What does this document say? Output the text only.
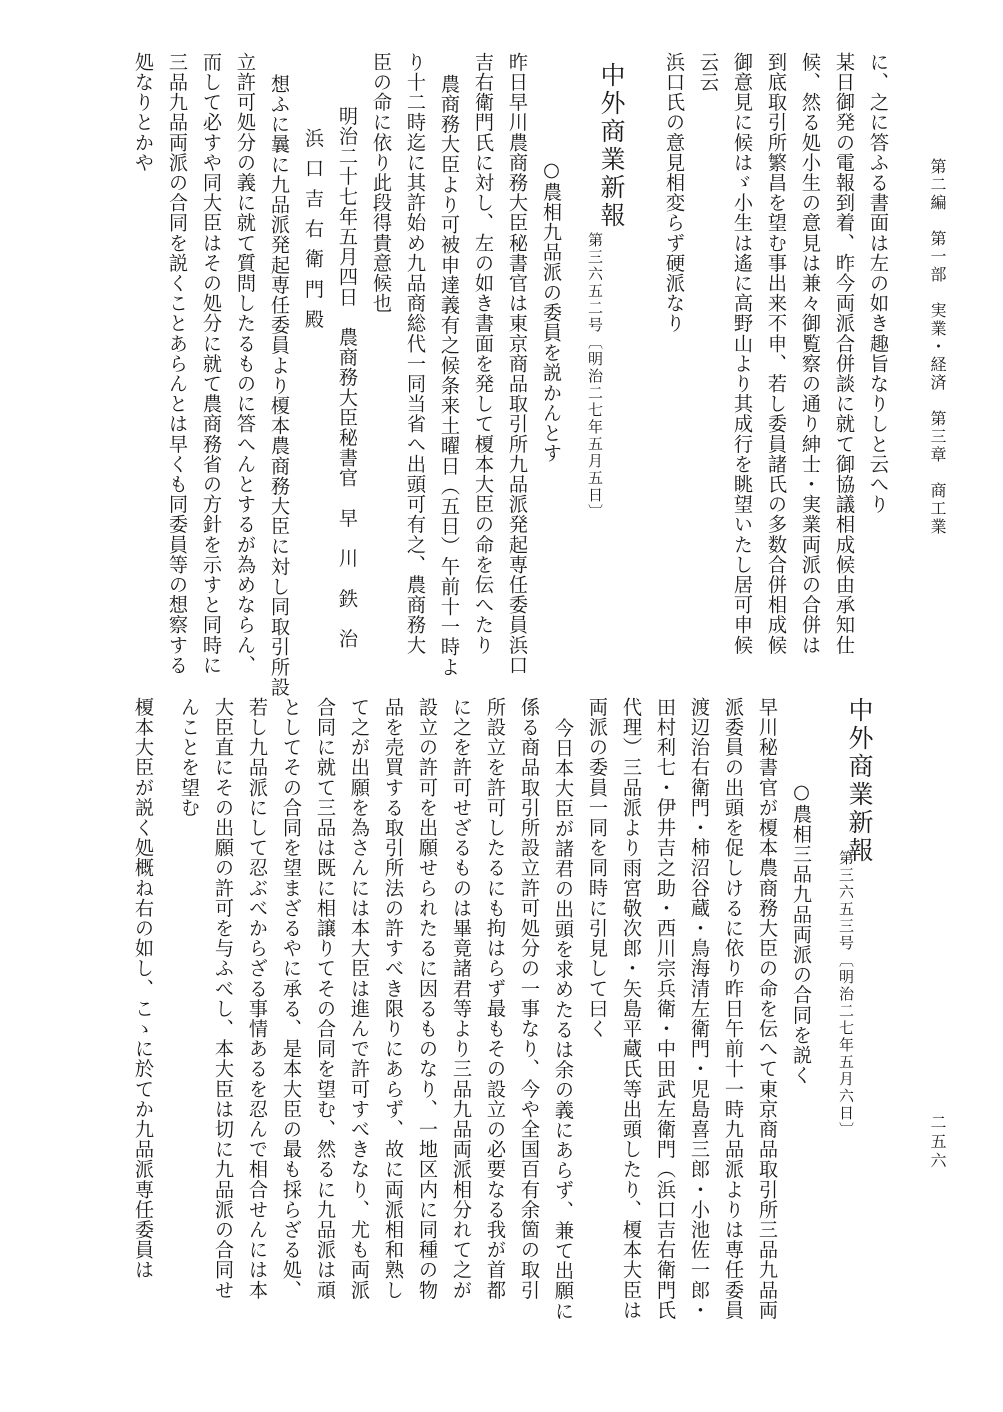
第二編　第一部　実業・経済　第三章　商工業
二五六
に、之に答ふる書面は左の如き趣旨なりしと云へり
某日御発の電報到着、昨今両派合併談に就て御協議相成候由承知仕
候、然る処小生の意見は兼々御覧察の通り紳士・実業両派の合併は
到底取引所繁昌を望む事出来不申、若し委員諸氏の多数合併相成候
御意見に候はゞ小生は遙に高野山より其成行を眺望いたし居可申候
云云
浜口氏の意見相変らず硬派なり
中外商業新報
第三六五二号〔明治二七年五月五日〕
○農相九品派の委員を説かんとす
昨日早川農商務大臣秘書官は東京商品取引所九品派発起専任委員浜口
吉右衛門氏に対し、左の如き書面を発して榎本大臣の命を伝へたり
農商務大臣より可被申達義有之候条来土曜日（五日）午前十一時よ
り十二時迄に其許始め九品商総代一同当省へ出頭可有之、農商務大
臣の命に依り此段得貴意候也
明治二十七年五月四日　農商務大臣秘書官　早　川　鉄　治
浜口吉右衛門殿
想ふに曩に九品派発起専任委員より榎本農商務大臣に対し同取引所設
立許可処分の義に就て質問したるものに答へんとするが為めならん、
而して必すや同大臣はその処分に就て農商務省の方針を示すと同時に
三品九品両派の合同を説くことあらんとは早くも同委員等の想察する
処なりとかや
中外商業新報
第三六五三号〔明治二七年五月六日〕
○農相三品九品両派の合同を説く
早川秘書官が榎本農商務大臣の命を伝へて東京商品取引所三品九品両
派委員の出頭を促しけるに依り昨日午前十一時九品派よりは専任委員
渡辺治右衛門・柿沼谷蔵・鳥海清左衛門・児島喜三郎・小池佐一郎・
田村利七・伊井吉之助・西川宗兵衛・中田武左衛門（浜口吉右衛門氏
代理）三品派より雨宮敬次郎・矢島平蔵氏等出頭したり、榎本大臣は
両派の委員一同を同時に引見して曰く
今日本大臣が諸君の出頭を求めたるは余の義にあらず、兼て出願に
係る商品取引所設立許可処分の一事なり、今や全国百有余箇の取引
所設立を許可したるにも拘はらず最もその設立の必要なる我が首都
に之を許可せざるものは畢竟諸君等より三品九品両派相分れて之が
設立の許可を出願せられたるに因るものなり、一地区内に同種の物
品を売買する取引所法の許すべき限りにあらず、故に両派相和熟し
て之が出願を為さんには本大臣は進んで許可すべきなり、尤も両派
合同に就て三品は既に相譲りてその合同を望む、然るに九品派は頑
としてその合同を望まざるやに承る、是本大臣の最も採らざる処、
若し九品派にして忍ぶべからざる事情あるを忍んで相合せんには本
大臣直にその出願の許可を与ふべし、本大臣は切に九品派の合同せ
んことを望む
榎本大臣が説く処概ね右の如し、こゝに於てか九品派専任委員は
